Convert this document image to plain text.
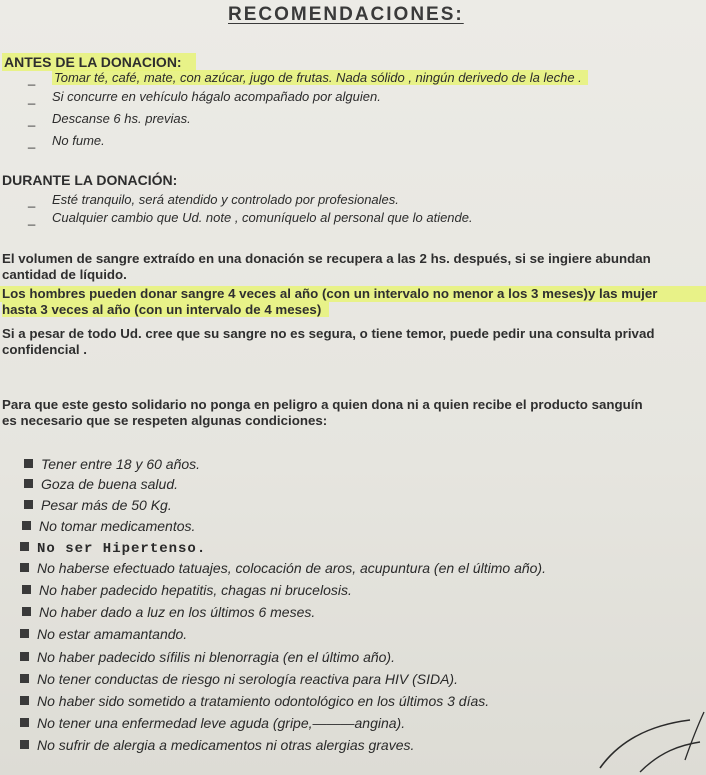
RECOMENDACIONES:
ANTES DE LA DONACION:
_ Tomar té, café, mate, con azúcar, jugo de frutas. Nada sólido , ningún derivedo de la leche .
_ Si concurre en vehículo hágalo acompañado por alguien.
_ Descanse 6 hs. previas.
_ No fume.
DURANTE LA DONACIÓN:
_ Esté tranquilo, será atendido y controlado por profesionales.
_ Cualquier cambio que Ud. note , comuníquelo al personal que lo atiende.
El volumen de sangre extraído en una donación se recupera a las 2 hs. después, si se ingiere abundan
cantidad de líquido.
Los hombres pueden donar sangre 4 veces al año (con un intervalo no menor a los 3 meses)y las mujer
hasta 3 veces al año (con un intervalo de 4 meses)
Si a pesar de todo Ud. cree que su sangre no es segura, o tiene temor, puede pedir una consulta privad
confidencial .
Para que este gesto solidario no ponga en peligro a quien dona ni a quien recibe el producto sanguín
es necesario que se respeten algunas condiciones:
Tener entre 18 y 60 años.
Goza de buena salud.
Pesar más de 50 Kg.
No tomar medicamentos.
No ser Hipertenso.
No haberse efectuado tatuajes, colocación de aros, acupuntura (en el último año).
No haber padecido hepatitis, chagas ni brucelosis.
No haber dado a luz en los últimos 6 meses.
No estar amamantando.
No haber padecido sífilis ni blenorragia (en el último año).
No tener conductas de riesgo ni serología reactiva para HIV (SIDA).
No haber sido sometido a tratamiento odontológico en los últimos 3 días.
No tener una enfermedad leve aguda (gripe,———angina).
No sufrir de alergia a medicamentos ni otras alergias graves.
